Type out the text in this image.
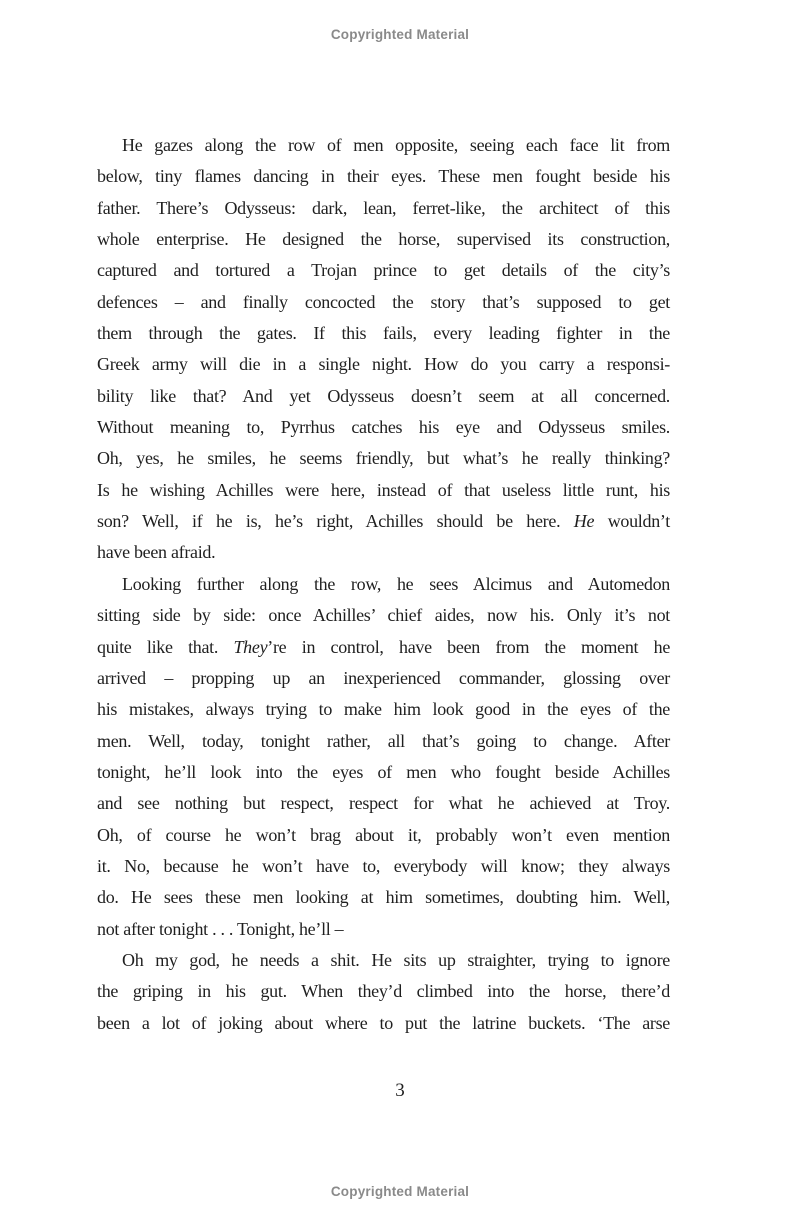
Copyrighted Material
He gazes along the row of men opposite, seeing each face lit from
below, tiny flames dancing in their eyes. These men fought beside his
father. There’s Odysseus: dark, lean, ferret-like, the architect of this
whole enterprise. He designed the horse, supervised its construction,
captured and tortured a Trojan prince to get details of the city’s
defences – and finally concocted the story that’s supposed to get
them through the gates. If this fails, every leading fighter in the
Greek army will die in a single night. How do you carry a responsi-
bility like that? And yet Odysseus doesn’t seem at all concerned.
Without meaning to, Pyrrhus catches his eye and Odysseus smiles.
Oh, yes, he smiles, he seems friendly, but what’s he really thinking?
Is he wishing Achilles were here, instead of that useless little runt, his
son? Well, if he is, he’s right, Achilles should be here. He wouldn’t
have been afraid.
Looking further along the row, he sees Alcimus and Automedon
sitting side by side: once Achilles’ chief aides, now his. Only it’s not
quite like that. They’re in control, have been from the moment he
arrived – propping up an inexperienced commander, glossing over
his mistakes, always trying to make him look good in the eyes of the
men. Well, today, tonight rather, all that’s going to change. After
tonight, he’ll look into the eyes of men who fought beside Achilles
and see nothing but respect, respect for what he achieved at Troy.
Oh, of course he won’t brag about it, probably won’t even mention
it. No, because he won’t have to, everybody will know; they always
do. He sees these men looking at him sometimes, doubting him. Well,
not after tonight . . . Tonight, he’ll –
Oh my god, he needs a shit. He sits up straighter, trying to ignore
the griping in his gut. When they’d climbed into the horse, there’d
been a lot of joking about where to put the latrine buckets. ‘The arse
3
Copyrighted Material
